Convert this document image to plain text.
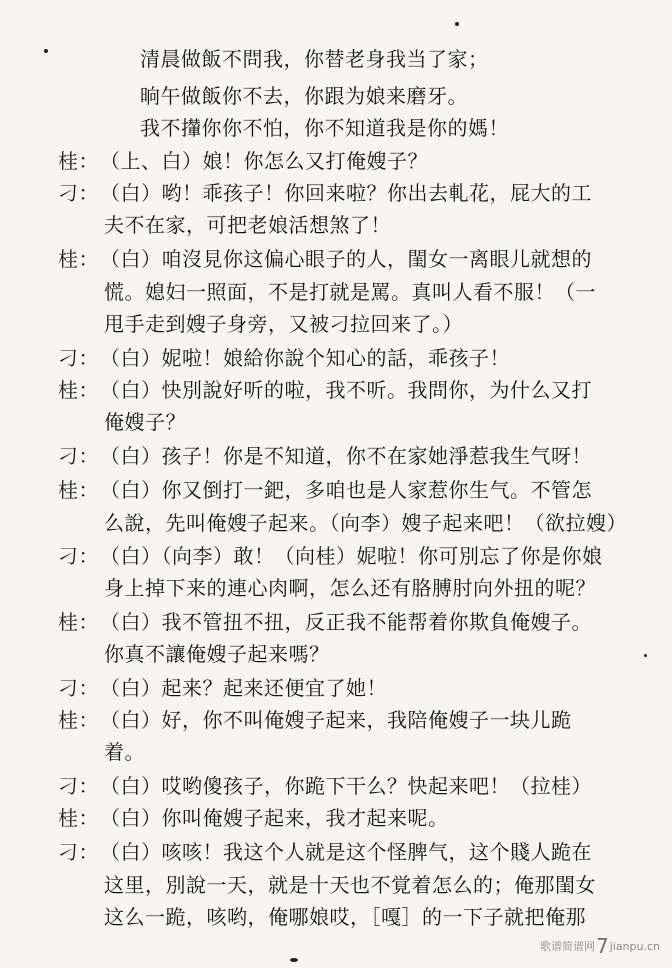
清晨做飯不問我，你替老身我当了家；
晌午做飯你不去，你跟为娘来磨牙。
我不攆你你不怕，你不知道我是你的媽！
桂： （上、白）娘！你怎么又打俺嫂子？
刁： （白）哟！乖孩子！你回来啦？你出去軋花，屁大的工
夫不在家，可把老娘活想煞了！
桂： （白）咱沒見你这偏心眼子的人，閨女一离眼儿就想的
慌。媳妇一照面，不是打就是罵。真叫人看不服！（一
甩手走到嫂子身旁，又被刁拉回来了。）
刁： （白）妮啦！娘給你說个知心的話，乖孩子！
桂： （白）快別說好听的啦，我不听。我問你，为什么又打
俺嫂子？
刁： （白）孩子！你是不知道，你不在家她淨惹我生气呀！
桂： （白）你又倒打一鈀，多咱也是人家惹你生气。不管怎
么說，先叫俺嫂子起来。（向李）嫂子起来吧！（欲拉嫂）
刁： （白）（向李）敢！（向桂）妮啦！你可別忘了你是你娘
身上掉下来的連心肉啊，怎么还有胳膊肘向外扭的呢？
桂： （白）我不管扭不扭，反正我不能帮着你欺負俺嫂子。
你真不讓俺嫂子起来嗎？
刁： （白）起来？起来还便宜了她！
桂： （白）好，你不叫俺嫂子起来，我陪俺嫂子一块儿跪
着。
刁： （白）哎哟傻孩子，你跪下干么？快起来吧！（拉桂）
桂： （白）你叫俺嫂子起来，我才起来呢。
刁： （白）咳咳！我这个人就是这个怪脾气，这个賤人跪在
这里，別說一天，就是十天也不覚着怎么的；俺那閨女
这么一跪，咳哟，俺哪娘哎，［嘎］的一下子就把俺那
歌谱简谱网7jianpu.cn
